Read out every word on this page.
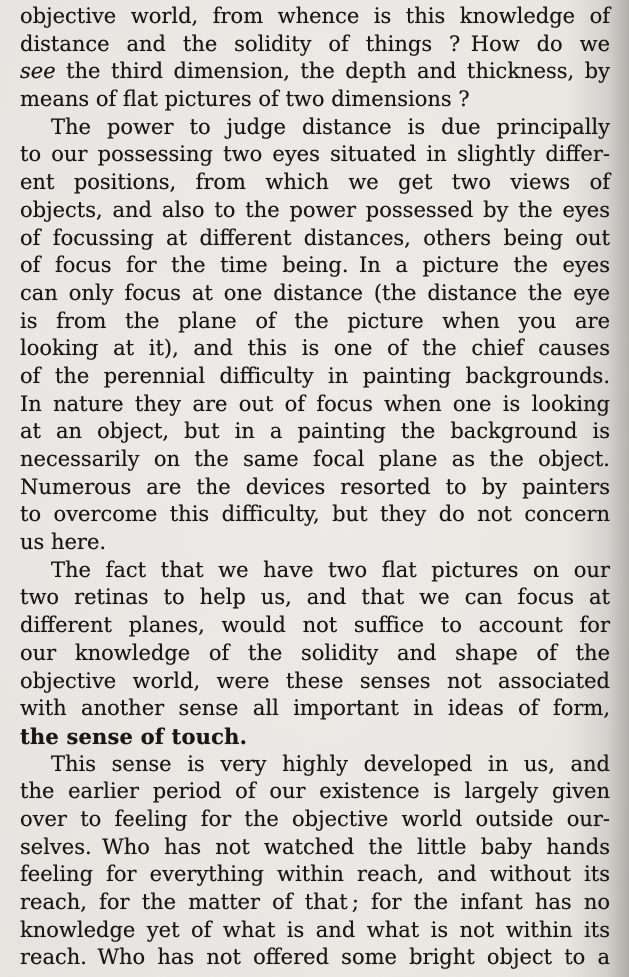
objective world, from whence is this knowledge of
distance and the solidity of things ? How do we
see the third dimension, the depth and thickness, by
means of flat pictures of two dimensions ?
The power to judge distance is due principally
to our possessing two eyes situated in slightly differ-
ent positions, from which we get two views of
objects, and also to the power possessed by the eyes
of focussing at different distances, others being out
of focus for the time being. In a picture the eyes
can only focus at one distance (the distance the eye
is from the plane of the picture when you are
looking at it), and this is one of the chief causes
of the perennial difficulty in painting backgrounds.
In nature they are out of focus when one is looking
at an object, but in a painting the background is
necessarily on the same focal plane as the object.
Numerous are the devices resorted to by painters
to overcome this difficulty, but they do not concern
us here.
The fact that we have two flat pictures on our
two retinas to help us, and that we can focus at
different planes, would not suffice to account for
our knowledge of the solidity and shape of the
objective world, were these senses not associated
with another sense all important in ideas of form,
the sense of touch.
This sense is very highly developed in us, and
the earlier period of our existence is largely given
over to feeling for the objective world outside our-
selves. Who has not watched the little baby hands
feeling for everything within reach, and without its
reach, for the matter of that ; for the infant has no
knowledge yet of what is and what is not within its
reach. Who has not offered some bright object to a
